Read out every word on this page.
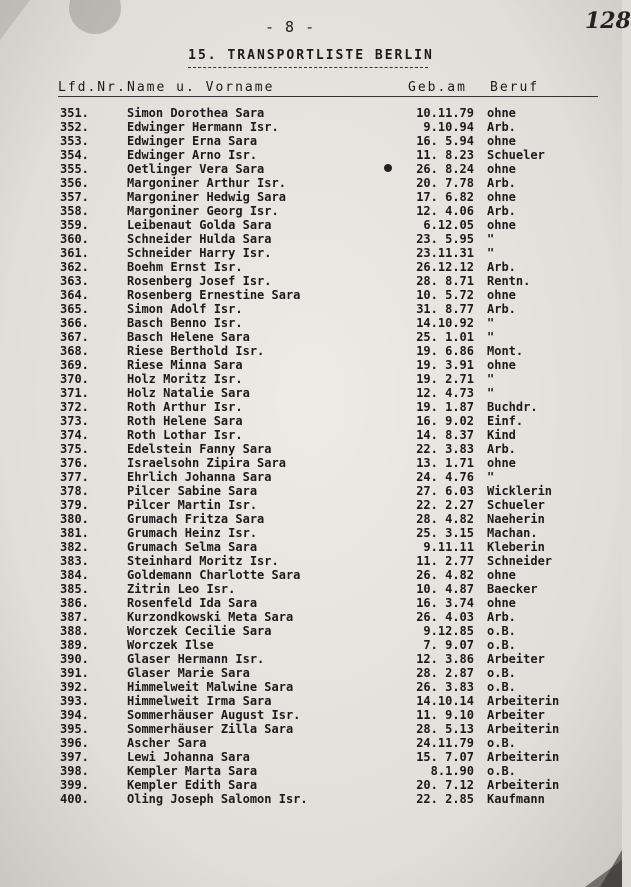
- 8 -	128
15. TRANSPORTLISTE BERLIN
Lfd.Nr. Name u. Vorname	Geb.am Beruf
351.	Simon Dorothea Sara	10.11.79 ohne
352.	Edwinger Hermann Isr.	9.10.94 Arb.
353.	Edwinger Erna Sara	16. 5.94 ohne
354.	Edwinger Arno Isr.	11. 8.23 Schueler
355.	Oetlinger Vera Sara	26. 8.24 ohne
356.	Margoniner Arthur Isr.	20. 7.78 Arb.
357.	Margoniner Hedwig Sara	17. 6.82 ohne
358.	Margoniner Georg Isr.	12. 4.06 Arb.
359.	Leibenaut Golda Sara	6.12.05 ohne
360.	Schneider Hulda Sara	23. 5.95 "
361.	Schneider Harry Isr.	23.11.31 "
362.	Boehm Ernst Isr.	26.12.12 Arb.
363.	Rosenberg Josef Isr.	28. 8.71 Rentn.
364.	Rosenberg Ernestine Sara	10. 5.72 ohne
365.	Simon Adolf Isr.	31. 8.77 Arb.
366.	Basch Benno Isr.	14.10.92 "
367.	Basch Helene Sara	25. 1.01 "
368.	Riese Berthold Isr.	19. 6.86 Mont.
369.	Riese Minna Sara	19. 3.91 ohne
370.	Holz Moritz Isr.	19. 2.71 "
371.	Holz Natalie Sara	12. 4.73 "
372.	Roth Arthur Isr.	19. 1.87 Buchdr.
373.	Roth Helene Sara	16. 9.02 Einf.
374.	Roth Lothar Isr.	14. 8.37 Kind
375.	Edelstein Fanny Sara	22. 3.83 Arb.
376.	Israelsohn Zipira Sara	13. 1.71 ohne
377.	Ehrlich Johanna Sara	24. 4.76 "
378.	Pilcer Sabine Sara	27. 6.03 Wicklerin
379.	Pilcer Martin Isr.	22. 2.27 Schueler
380.	Grumach Fritza Sara	28. 4.82 Naeherin
381.	Grumach Heinz Isr.	25. 3.15 Machan.
382.	Grumach Selma Sara	9.11.11 Kleberin
383.	Steinhard Moritz Isr.	11. 2.77 Schneider
384.	Goldemann Charlotte Sara	26. 4.82 ohne
385.	Zitrin Leo Isr.	10. 4.87 Baecker
386.	Rosenfeld Ida Sara	16. 3.74 ohne
387.	Kurzondkowski Meta Sara	26. 4.03 Arb.
388.	Worczek Cecilie Sara	9.12.85 o.B.
389.	Worczek Ilse	7. 9.07 o.B.
390.	Glaser Hermann Isr.	12. 3.86 Arbeiter
391.	Glaser Marie Sara	28. 2.87 o.B.
392.	Himmelweit Malwine Sara	26. 3.83 o.B.
393.	Himmelweit Irma Sara	14.10.14 Arbeiterin
394.	Sommerhäuser August Isr.	11. 9.10 Arbeiter
395.	Sommerhäuser Zilla Sara	28. 5.13 Arbeiterin
396.	Ascher Sara	24.11.79 o.B.
397.	Lewi Johanna Sara	15. 7.07 Arbeiterin
398.	Kempler Marta Sara	8.1.90 o.B.
399.	Kempler Edith Sara	20. 7.12 Arbeiterin
400.	Oling Joseph Salomon Isr.	22. 2.85 Kaufmann
